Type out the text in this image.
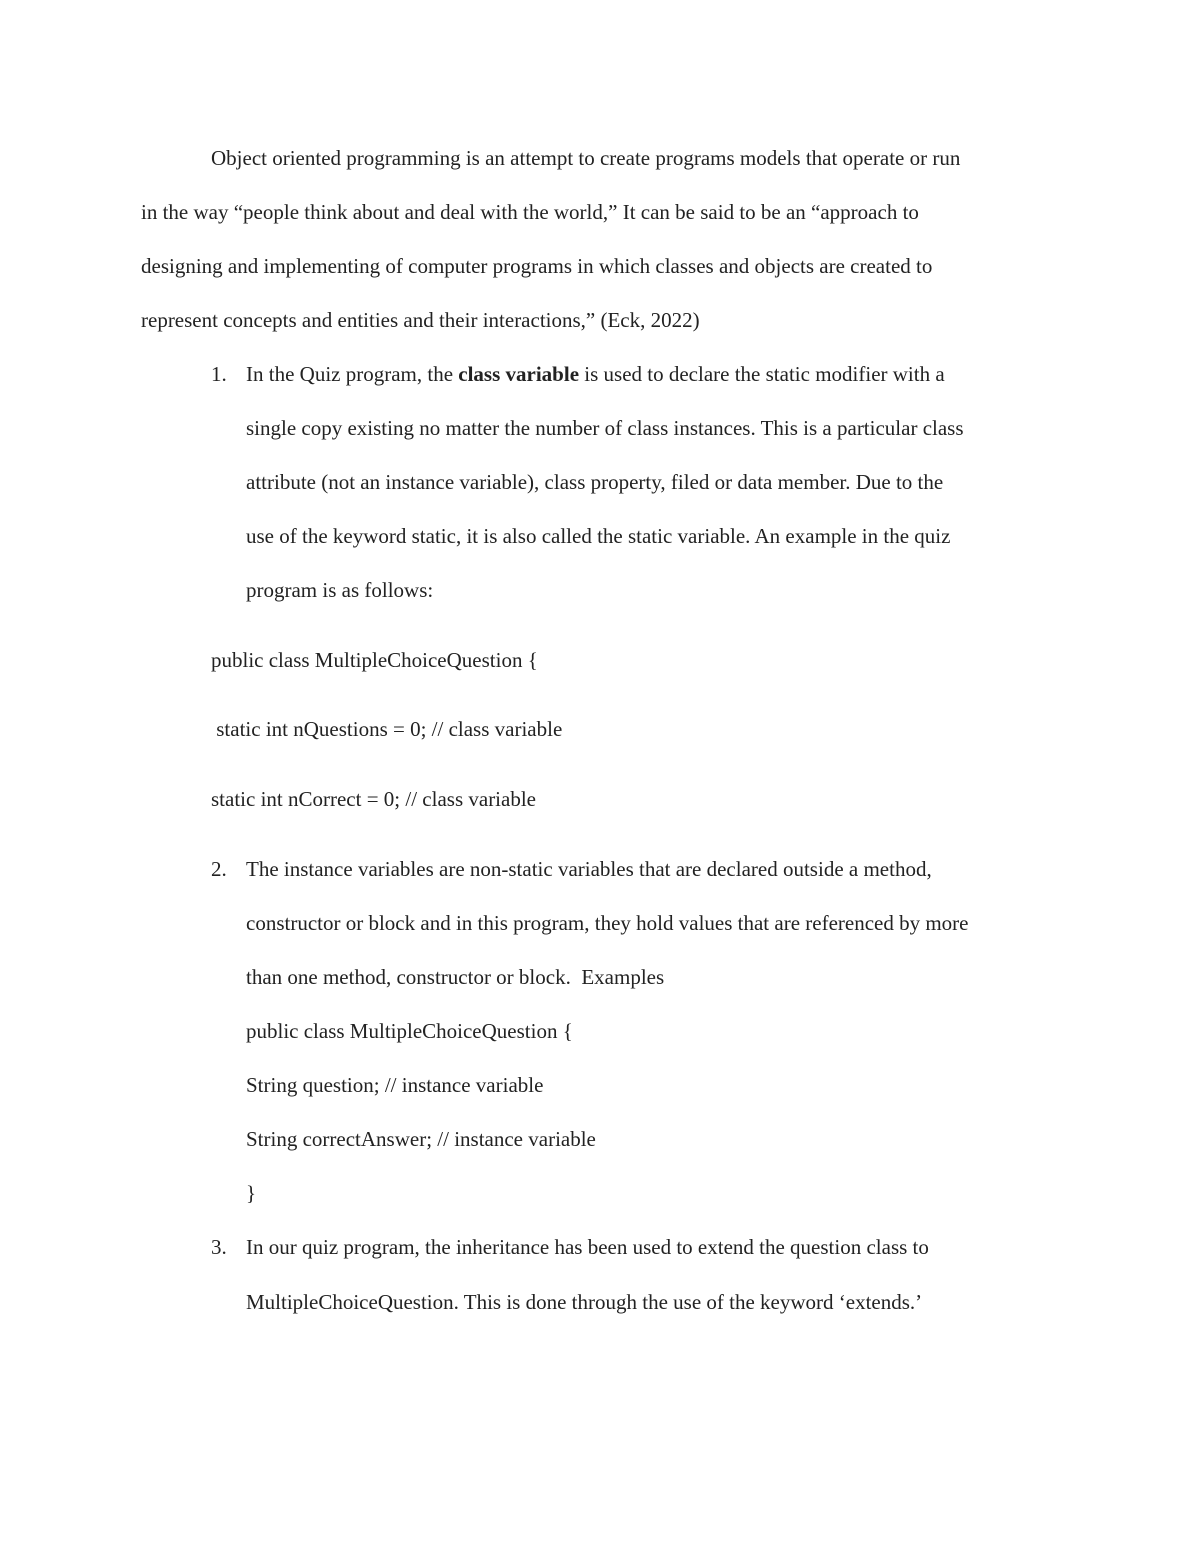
Object oriented programming is an attempt to create programs models that operate or run
in the way “people think about and deal with the world,” It can be said to be an “approach to
designing and implementing of computer programs in which classes and objects are created to
represent concepts and entities and their interactions,” (Eck, 2022)
1. In the Quiz program, the class variable is used to declare the static modifier with a
single copy existing no matter the number of class instances. This is a particular class
attribute (not an instance variable), class property, filed or data member. Due to the
use of the keyword static, it is also called the static variable. An example in the quiz
program is as follows:
public class MultipleChoiceQuestion {
static int nQuestions = 0; // class variable
static int nCorrect = 0; // class variable
2. The instance variables are non-static variables that are declared outside a method,
constructor or block and in this program, they hold values that are referenced by more
than one method, constructor or block.  Examples
public class MultipleChoiceQuestion {
String question; // instance variable
String correctAnswer; // instance variable
}
3. In our quiz program, the inheritance has been used to extend the question class to
MultipleChoiceQuestion. This is done through the use of the keyword ‘extends.’
